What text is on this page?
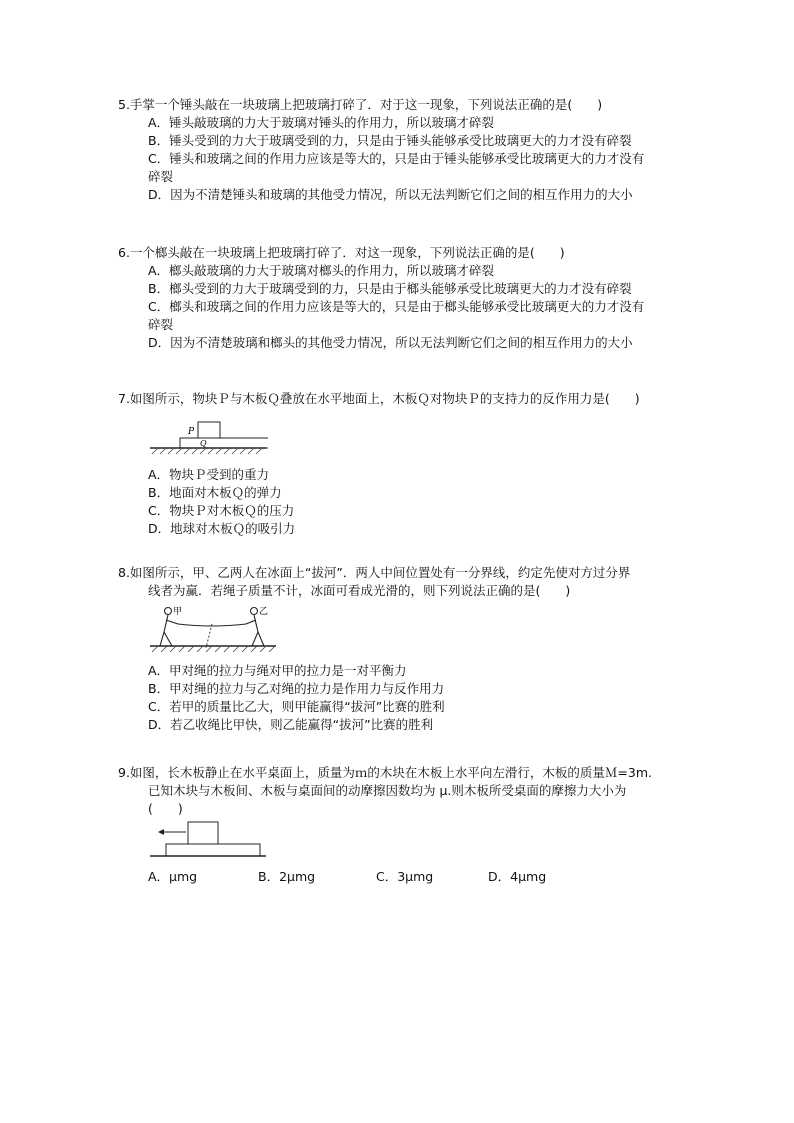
5.手掌一个锤头敲在一块玻璃上把玻璃打碎了．对于这一现象，下列说法正确的是(　　)

A．锤头敲玻璃的力大于玻璃对锤头的作用力，所以玻璃才碎裂

B．锤头受到的力大于玻璃受到的力，只是由于锤头能够承受比玻璃更大的力才没有碎裂

C．锤头和玻璃之间的作用力应该是等大的，只是由于锤头能够承受比玻璃更大的力才没有

碎裂

D．因为不清楚锤头和玻璃的其他受力情况，所以无法判断它们之间的相互作用力的大小

6.一个榔头敲在一块玻璃上把玻璃打碎了．对这一现象，下列说法正确的是(　　)

A．榔头敲玻璃的力大于玻璃对榔头的作用力，所以玻璃才碎裂

B．榔头受到的力大于玻璃受到的力，只是由于榔头能够承受比玻璃更大的力才没有碎裂

C．榔头和玻璃之间的作用力应该是等大的，只是由于榔头能够承受比玻璃更大的力才没有

碎裂

D．因为不清楚玻璃和榔头的其他受力情况，所以无法判断它们之间的相互作用力的大小

7.如图所示，物块Ｐ与木板Ｑ叠放在水平地面上，木板Ｑ对物块Ｐ的支持力的反作用力是(　　)

P
Q

A．物块Ｐ受到的重力

B．地面对木板Ｑ的弹力

C．物块Ｐ对木板Ｑ的压力

D．地球对木板Ｑ的吸引力

8.如图所示，甲、乙两人在冰面上“拔河”．两人中间位置处有一分界线，约定先使对方过分界

线者为赢．若绳子质量不计，冰面可看成光滑的，则下列说法正确的是(　　)

甲	乙

A．甲对绳的拉力与绳对甲的拉力是一对平衡力

B．甲对绳的拉力与乙对绳的拉力是作用力与反作用力

C．若甲的质量比乙大，则甲能赢得“拔河”比赛的胜利

D．若乙收绳比甲快，则乙能赢得“拔河”比赛的胜利

9.如图，长木板静止在水平桌面上，质量为ｍ的木块在木板上水平向左滑行，木板的质量Ｍ=3m.

已知木块与木板间、木板与桌面间的动摩擦因数均为 μ.则木板所受桌面的摩擦力大小为

(　　)

A．μmg	B．2μmg	C．3μmg	D．4μmg
